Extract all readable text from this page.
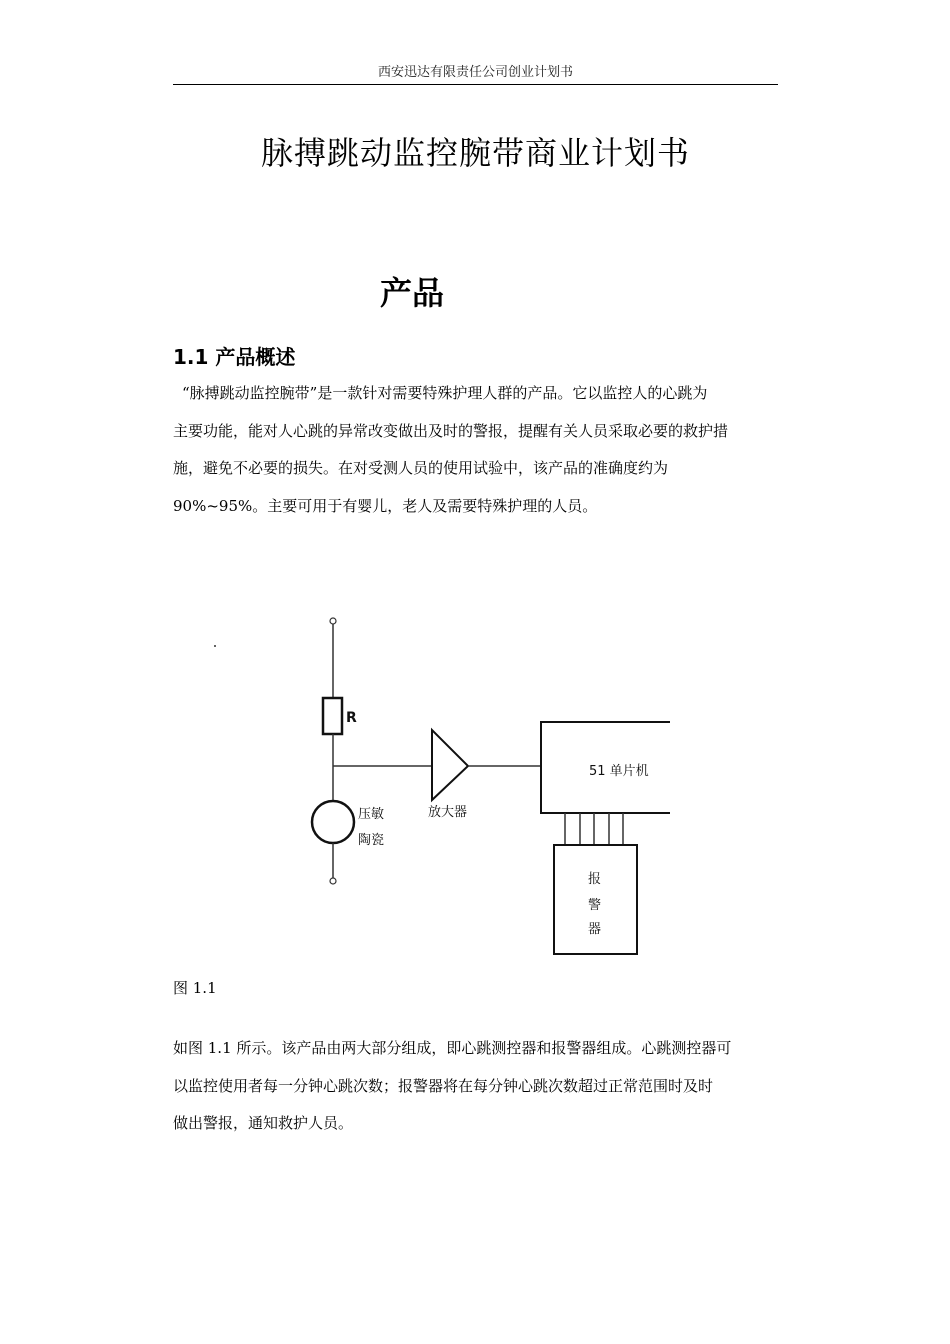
西安迅达有限责任公司创业计划书
脉搏跳动监控腕带商业计划书
产品
1.1 产品概述
“脉搏跳动监控腕带”是一款针对需要特殊护理人群的产品。它以监控人的心跳为
主要功能，能对人心跳的异常改变做出及时的警报，提醒有关人员采取必要的救护措
施，避免不必要的损失。在对受测人员的使用试验中，该产品的准确度约为
90%~95%。主要可用于有婴儿，老人及需要特殊护理的人员。
R
压敏
陶瓷
放大器
51 单片机
报
警
器

图 1.1

如图 1.1 所示。该产品由两大部分组成，即心跳测控器和报警器组成。心跳测控器可
以监控使用者每一分钟心跳次数；报警器将在每分钟心跳次数超过正常范围时及时
做出警报，通知救护人员。
